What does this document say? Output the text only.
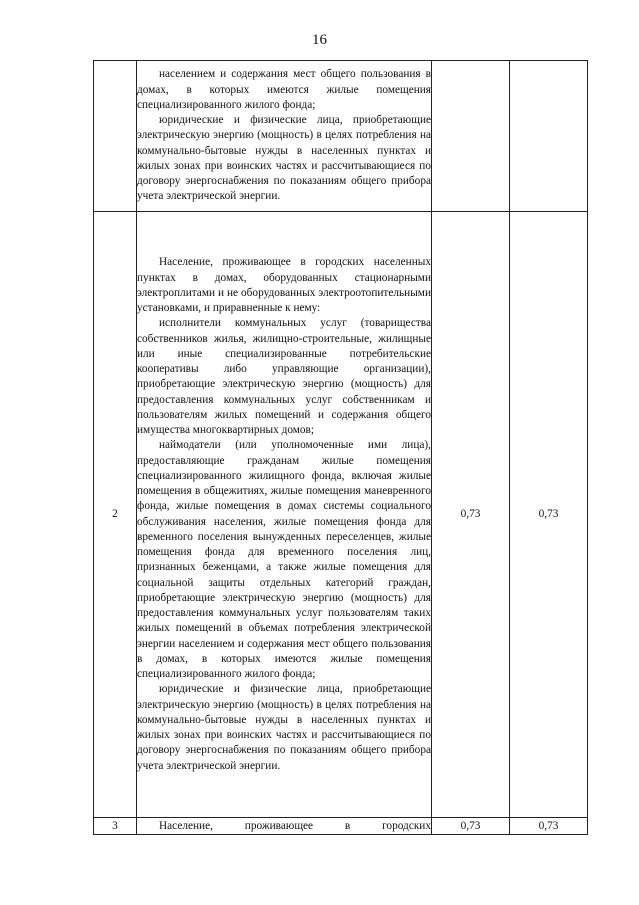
16

	населением и содержания мест общего пользования в домах, в которых имеются жилые помещения специализированного жилого фонда;

юридические и физические лица, приобретающие электрическую энергию (мощность) в целях потребления на коммунально-бытовые нужды в населенных пунктах и жилых зонах при воинских частях и рассчитывающиеся по договору энергоснабжения по показаниям общего прибора учета электрической энергии.		

2	Население, проживающее в городских населенных пунктах в домах, оборудованных стационарными электроплитами и не оборудованных электроотопительными установками, и приравненные к нему:

исполнители коммунальных услуг (товарищества собственников жилья, жилищно-строительные, жилищные или иные специализированные потребительские кооперативы либо управляющие организации), приобретающие электрическую энергию (мощность) для предоставления коммунальных услуг собственникам и пользователям жилых помещений и содержания общего имущества многоквартирных домов;

наймодатели (или уполномоченные ими лица), предоставляющие гражданам жилые помещения специализированного жилищного фонда, включая жилые помещения в общежитиях, жилые помещения маневренного фонда, жилые помещения в домах системы социального обслуживания населения, жилые помещения фонда для временного поселения вынужденных переселенцев, жилые помещения фонда для временного поселения лиц, признанных беженцами, а также жилые помещения для социальной защиты отдельных категорий граждан, приобретающие электрическую энергию (мощность) для предоставления коммунальных услуг пользователям таких жилых помещений в объемах потребления электрической энергии населением и содержания мест общего пользования в домах, в которых имеются жилые помещения специализированного жилого фонда;

юридические и физические лица, приобретающие электрическую энергию (мощность) в целях потребления на коммунально-бытовые нужды в населенных пунктах и жилых зонах при воинских частях и рассчитывающиеся по договору энергоснабжения по показаниям общего прибора учета электрической энергии.	0,73	0,73
3	Население, проживающее в городских	0,73	0,73
